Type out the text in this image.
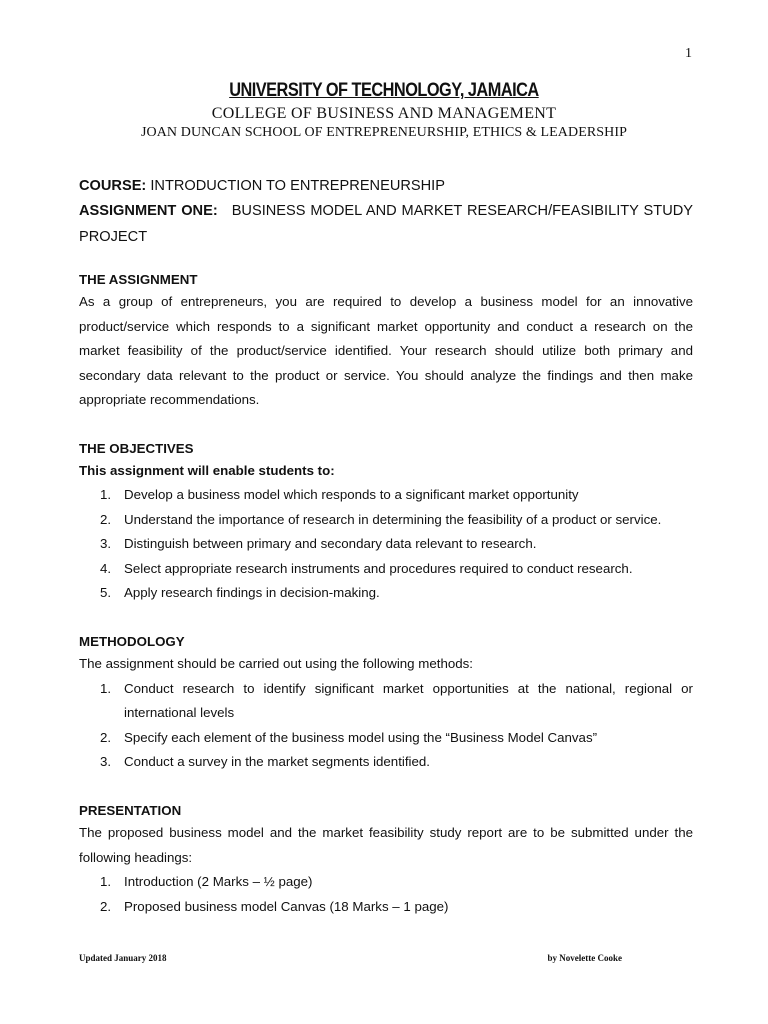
1
UNIVERSITY OF TECHNOLOGY, JAMAICA
COLLEGE OF BUSINESS AND MANAGEMENT
JOAN DUNCAN SCHOOL OF ENTREPRENEURSHIP, ETHICS & LEADERSHIP
COURSE: INTRODUCTION TO ENTREPRENEURSHIP
ASSIGNMENT ONE: BUSINESS MODEL AND MARKET RESEARCH/FEASIBILITY STUDY PROJECT
THE ASSIGNMENT

As a group of entrepreneurs, you are required to develop a business model for an innovative product/service which responds to a significant market opportunity and conduct a research on the market feasibility of the product/service identified. Your research should utilize both primary and secondary data relevant to the product or service. You should analyze the findings and then make appropriate recommendations.

THE OBJECTIVES
This assignment will enable students to:
1. Develop a business model which responds to a significant market opportunity
2. Understand the importance of research in determining the feasibility of a product or service.
3. Distinguish between primary and secondary data relevant to research.
4. Select appropriate research instruments and procedures required to conduct research.
5. Apply research findings in decision-making.
METHODOLOGY

The assignment should be carried out using the following methods:

1. Conduct research to identify significant market opportunities at the national, regional or international levels
2. Specify each element of the business model using the “Business Model Canvas”
3. Conduct a survey in the market segments identified.
PRESENTATION

The proposed business model and the market feasibility study report are to be submitted under the following headings:

1. Introduction (2 Marks – ½ page)
2. Proposed business model Canvas (18 Marks – 1 page)
Updated January 2018	by Novelette Cooke
